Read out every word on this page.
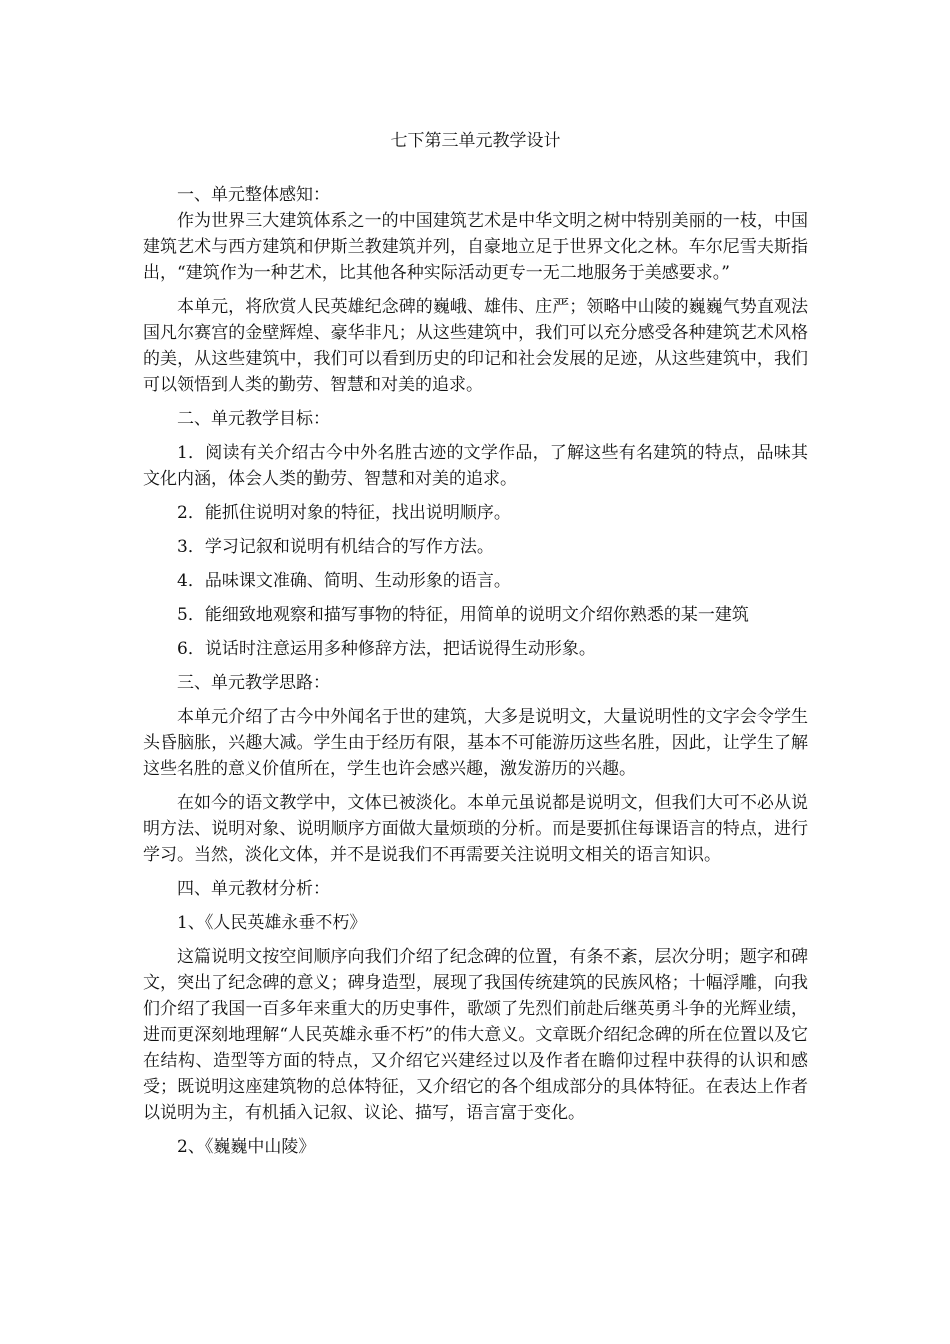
七下第三单元教学设计

一、单元整体感知：

作为世界三大建筑体系之一的中国建筑艺术是中华文明之树中特别美丽的一枝，中国建筑艺术与西方建筑和伊斯兰教建筑并列，自豪地立足于世界文化之林。车尔尼雪夫斯指出，“建筑作为一种艺术，比其他各种实际活动更专一无二地服务于美感要求。”

本单元，将欣赏人民英雄纪念碑的巍峨、雄伟、庄严；领略中山陵的巍巍气势直观法国凡尔赛宫的金壁辉煌、豪华非凡；从这些建筑中，我们可以充分感受各种建筑艺术风格的美，从这些建筑中，我们可以看到历史的印记和社会发展的足迹，从这些建筑中，我们可以领悟到人类的勤劳、智慧和对美的追求。

二、单元教学目标：

1．阅读有关介绍古今中外名胜古迹的文学作品，了解这些有名建筑的特点，品味其文化内涵，体会人类的勤劳、智慧和对美的追求。

2．能抓住说明对象的特征，找出说明顺序。

3．学习记叙和说明有机结合的写作方法。

4．品味课文准确、简明、生动形象的语言。

5．能细致地观察和描写事物的特征，用简单的说明文介绍你熟悉的某一建筑

6．说话时注意运用多种修辞方法，把话说得生动形象。

三、单元教学思路：

本单元介绍了古今中外闻名于世的建筑，大多是说明文，大量说明性的文字会令学生头昏脑胀，兴趣大减。学生由于经历有限，基本不可能游历这些名胜，因此，让学生了解这些名胜的意义价值所在，学生也许会感兴趣，激发游历的兴趣。

在如今的语文教学中，文体已被淡化。本单元虽说都是说明文，但我们大可不必从说明方法、说明对象、说明顺序方面做大量烦琐的分析。而是要抓住每课语言的特点，进行学习。当然，淡化文体，并不是说我们不再需要关注说明文相关的语言知识。

四、单元教材分析：

1、《人民英雄永垂不朽》

这篇说明文按空间顺序向我们介绍了纪念碑的位置，有条不紊，层次分明；题字和碑文，突出了纪念碑的意义；碑身造型，展现了我国传统建筑的民族风格；十幅浮雕，向我们介绍了我国一百多年来重大的历史事件，歌颂了先烈们前赴后继英勇斗争的光辉业绩，进而更深刻地理解“人民英雄永垂不朽”的伟大意义。文章既介绍纪念碑的所在位置以及它在结构、造型等方面的特点，又介绍它兴建经过以及作者在瞻仰过程中获得的认识和感受；既说明这座建筑物的总体特征，又介绍它的各个组成部分的具体特征。在表达上作者以说明为主，有机插入记叙、议论、描写，语言富于变化。

2、《巍巍中山陵》
